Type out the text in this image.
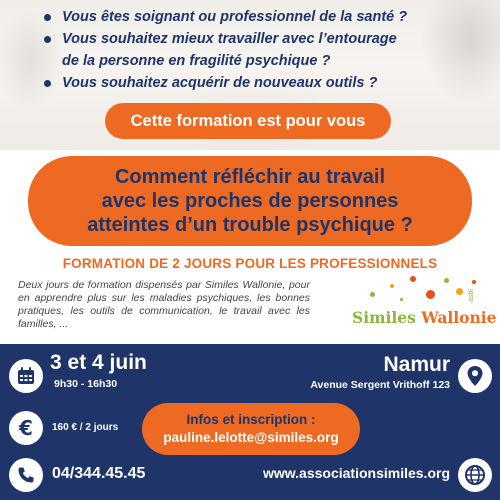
Vous êtes soignant ou professionnel de la santé ?
Vous souhaitez mieux travailler avec l’entourage
de la personne en fragilité psychique ?
Vous souhaitez acquérir de nouveaux outils ?
Cette formation est pour vous
Comment réfléchir au travail
avec les proches de personnes
atteintes d’un trouble psychique ?
FORMATION DE 2 JOURS POUR LES PROFESSIONNELS

Deux jours de formation dispensés par Similes Wallonie, pour en apprendre plus sur les maladies psychiques, les bonnes pratiques, les outils de communication, le travail avec les familles, ...	Similes Wallonie
asbl
3 et 4 juin
9h30 - 16h30
Namur
Avenue Sergent Vrithoff 123
€ 160 € / 2 jours
Infos et inscription :
pauline.lelotte@similes.org
04/344.45.45	www.associationsimiles.org
